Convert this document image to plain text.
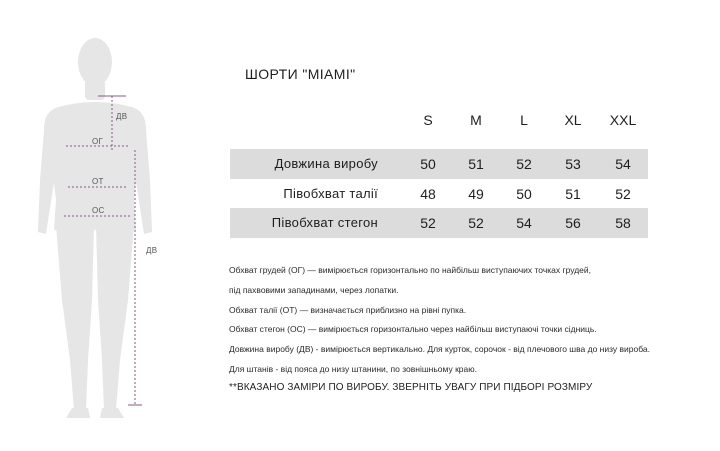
ДВ
ОГ
ОТ
ОС
ДВ
ШОРТИ "MIAMI"
S	M	L	XL	XXL
Довжина виробу	50	51	52	53	54
Півобхват талії	48	49	50	51	52
Півобхват стегон	52	52	54	56	58
Обхват грудей (ОГ) — вимірюється горизонтально по найбільш виступаючих точках грудей,
під пахвовими западинами, через лопатки.
Обхват талії (ОТ) — визначається приблизно на рівні пупка.
Обхват стегон (ОС) — вимірюється горизонтально через найбільш виступаючі точки сідниць.
Довжина виробу (ДВ) - вимірюється вертикально. Для курток, сорочок - від плечового шва до низу вироба.
Для штанів - від пояса до низу штанини, по зовнішньому краю.
**ВКАЗАНО ЗАМІРИ ПО ВИРОБУ. ЗВЕРНІТЬ УВАГУ ПРИ ПІДБОРІ РОЗМІРУ
